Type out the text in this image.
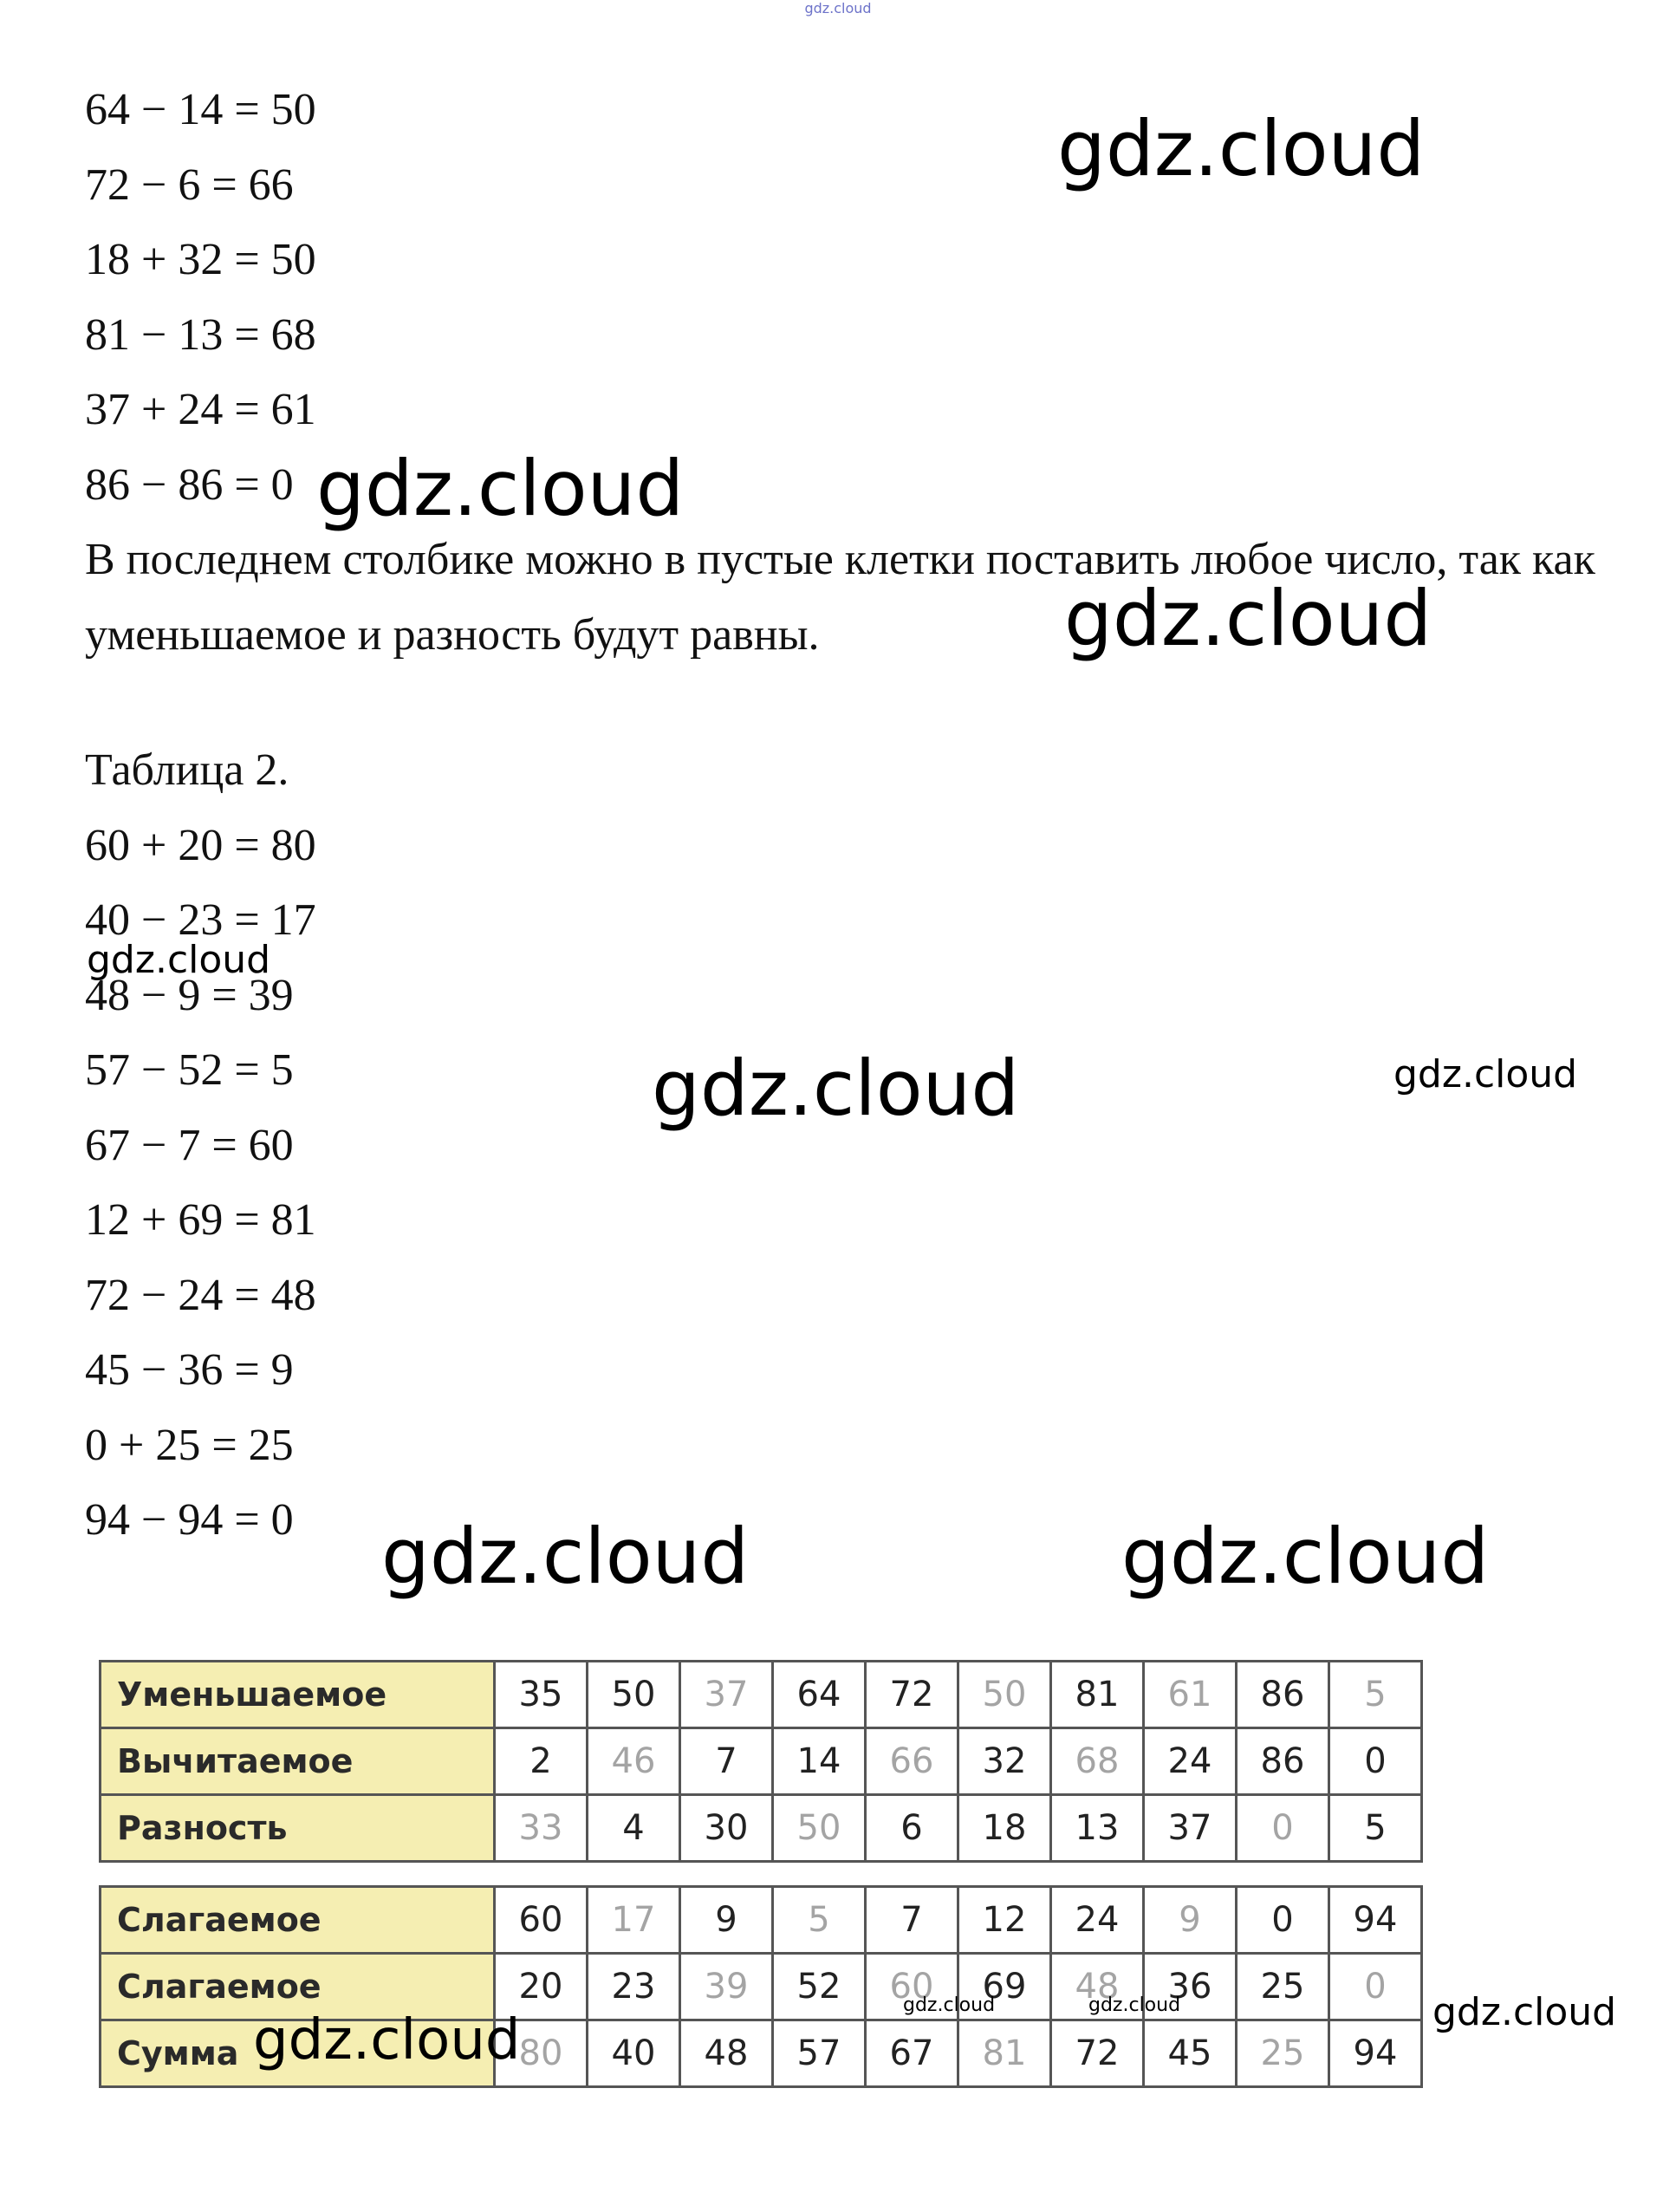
gdz.cloud
64 − 14 = 50
72 − 6 = 66
18 + 32 = 50
81 − 13 = 68
37 + 24 = 61
86 − 86 = 0
В последнем столбике можно в пустые клетки поставить любое число, так как уменьшаемое и разность будут равны.
Таблица 2.
60 + 20 = 80
40 − 23 = 17
48 − 9 = 39
57 − 52 = 5
67 − 7 = 60
12 + 69 = 81
72 − 24 = 48
45 − 36 = 9
0 + 25 = 25
94 − 94 = 0
Уменьшаемое	35	50	37	64	72	50	81	61	86	5
Вычитаемое	2	46	7	14	66	32	68	24	86	0
Разность	33	4	30	50	6	18	13	37	0	5
Слагаемое	60	17	9	5	7	12	24	9	0	94
Слагаемое	20	23	39	52	60	69	48	36	25	0
Сумма	80	40	48	57	67	81	72	45	25	94
gdz.cloud
gdz.cloud
gdz.cloud
gdz.cloud
gdz.cloud	gdz.cloud
gdz.cloud	gdz.cloud
gdz.cloud
gdz.cloud	gdz.cloud
gdz.cloud
